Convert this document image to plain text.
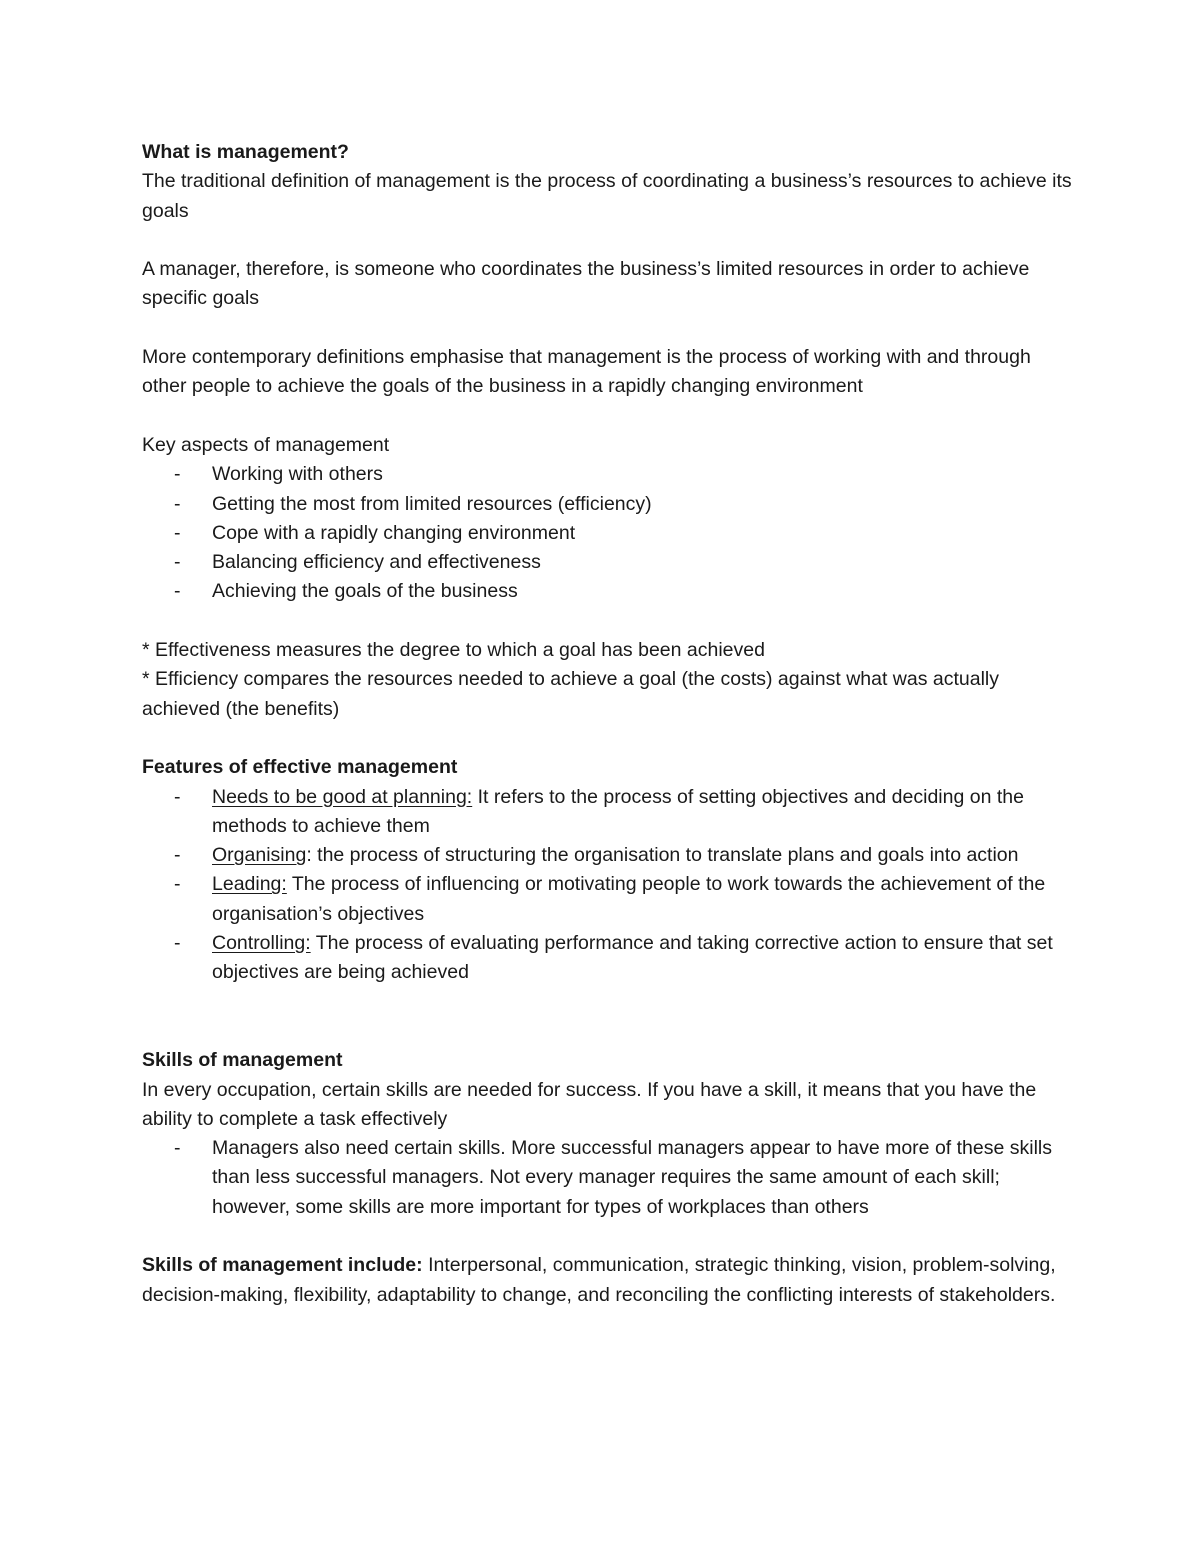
What is management?

The traditional definition of management is the process of coordinating a business’s resources to achieve its goals

A manager, therefore, is someone who coordinates the business’s limited resources in order to achieve specific goals

More contemporary definitions emphasise that management is the process of working with and through other people to achieve the goals of the business in a rapidly changing environment

Key aspects of management

- Working with others
- Getting the most from limited resources (efficiency)
- Cope with a rapidly changing environment
- Balancing efficiency and effectiveness
- Achieving the goals of the business

* Effectiveness measures the degree to which a goal has been achieved

* Efficiency compares the resources needed to achieve a goal (the costs) against what was actually achieved (the benefits)

Features of effective management

- Needs to be good at planning: It refers to the process of setting objectives and deciding on the methods to achieve them
- Organising: the process of structuring the organisation to translate plans and goals into action
- Leading: The process of influencing or motivating people to work towards the achievement of the organisation’s objectives
- Controlling: The process of evaluating performance and taking corrective action to ensure that set objectives are being achieved

Skills of management

In every occupation, certain skills are needed for success. If you have a skill, it means that you have the ability to complete a task effectively

- Managers also need certain skills. More successful managers appear to have more of these skills than less successful managers. Not every manager requires the same amount of each skill; however, some skills are more important for types of workplaces than others

Skills of management include: Interpersonal, communication, strategic thinking, vision, problem-solving, decision-making, flexibility, adaptability to change, and reconciling the conflicting interests of stakeholders.
